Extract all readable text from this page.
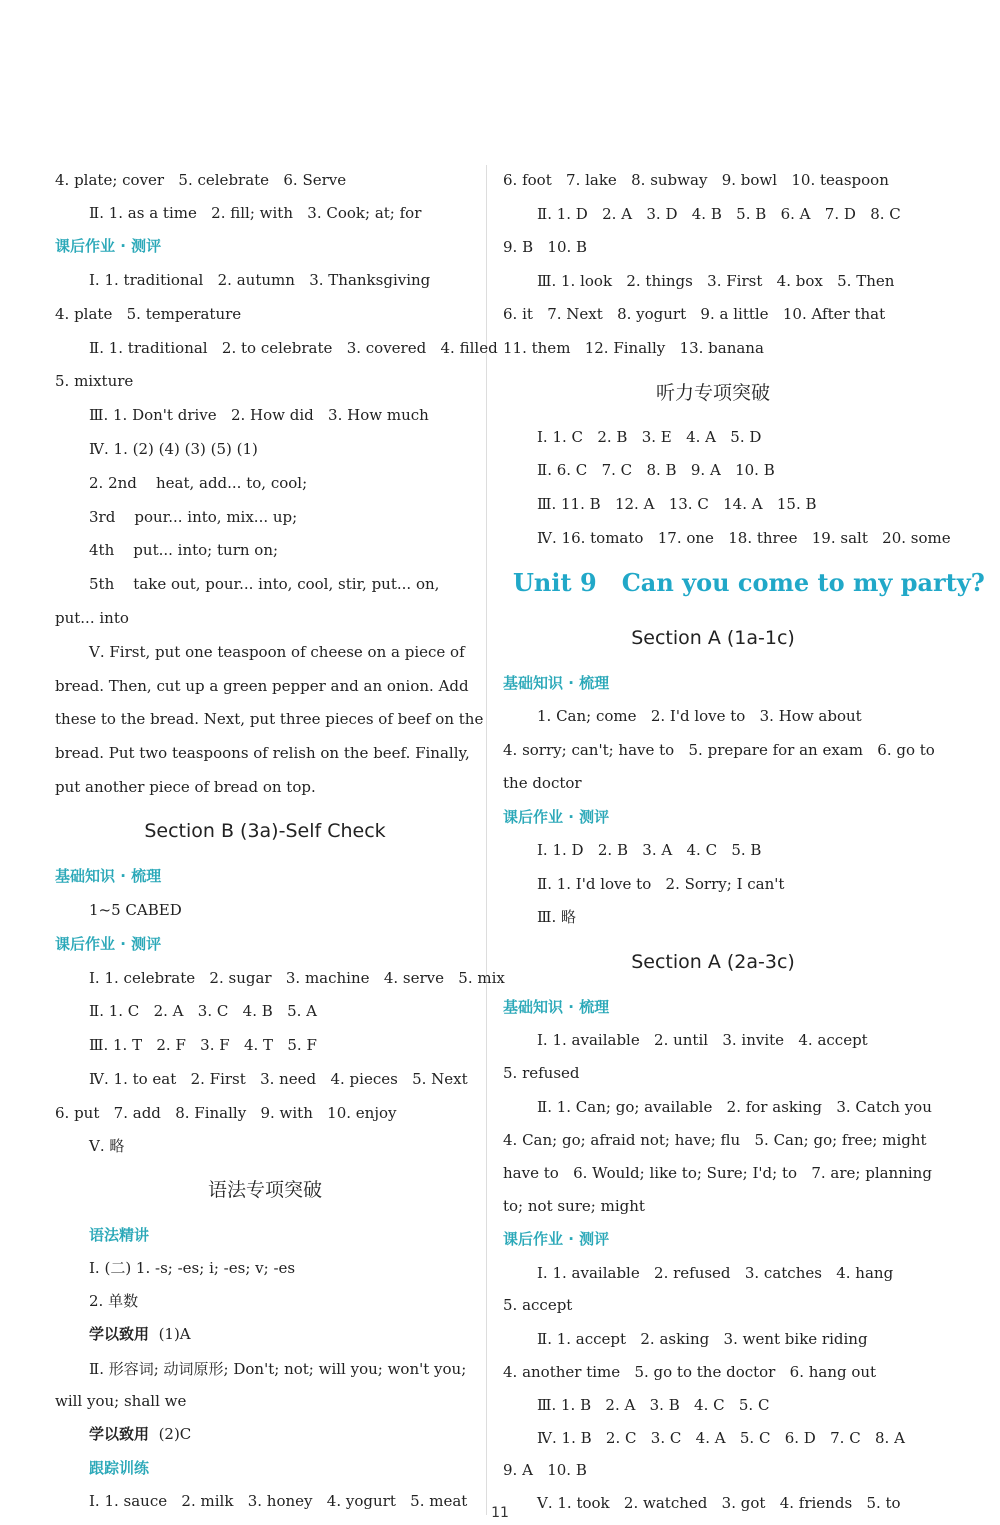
4. plate; cover   5. celebrate   6. Serve
Ⅱ. 1. as a time   2. fill; with   3. Cook; at; for
课后作业 · 测评
Ⅰ. 1. traditional   2. autumn   3. Thanksgiving
4. plate   5. temperature
Ⅱ. 1. traditional   2. to celebrate   3. covered   4. filled
5. mixture
Ⅲ. 1. Don't drive   2. How did   3. How much
Ⅳ. 1. (2) (4) (3) (5) (1)
2. 2nd    heat, add... to, cool;
3rd    pour... into, mix... up;
4th    put... into; turn on;
5th    take out, pour... into, cool, stir, put... on,
put... into
Ⅴ. First, put one teaspoon of cheese on a piece of
bread. Then, cut up a green pepper and an onion. Add
these to the bread. Next, put three pieces of beef on the
bread. Put two teaspoons of relish on the beef. Finally,
put another piece of bread on top.
Section B (3a)-Self Check
基础知识 · 梳理
1~5 CABED
课后作业 · 测评
Ⅰ. 1. celebrate   2. sugar   3. machine   4. serve   5. mix
Ⅱ. 1. C   2. A   3. C   4. B   5. A
Ⅲ. 1. T   2. F   3. F   4. T   5. F
Ⅳ. 1. to eat   2. First   3. need   4. pieces   5. Next
6. put   7. add   8. Finally   9. with   10. enjoy
Ⅴ. 略
语法专项突破
语法精讲
Ⅰ. (二) 1. -s; -es; i; -es; v; -es
2. 单数
学以致用 (1)A
Ⅱ. 形容词; 动词原形; Don't; not; will you; won't you;
will you; shall we
学以致用 (2)C
跟踪训练
Ⅰ. 1. sauce   2. milk   3. honey   4. yogurt   5. meat
6. foot   7. lake   8. subway   9. bowl   10. teaspoon
Ⅱ. 1. D   2. A   3. D   4. B   5. B   6. A   7. D   8. C
9. B   10. B
Ⅲ. 1. look   2. things   3. First   4. box   5. Then
6. it   7. Next   8. yogurt   9. a little   10. After that
11. them   12. Finally   13. banana
听力专项突破
Ⅰ. 1. C   2. B   3. E   4. A   5. D
Ⅱ. 6. C   7. C   8. B   9. A   10. B
Ⅲ. 11. B   12. A   13. C   14. A   15. B
Ⅳ. 16. tomato   17. one   18. three   19. salt   20. some
Unit 9   Can you come to my party?
Section A (1a-1c)
基础知识 · 梳理
1. Can; come   2. I'd love to   3. How about
4. sorry; can't; have to   5. prepare for an exam   6. go to
the doctor
课后作业 · 测评
Ⅰ. 1. D   2. B   3. A   4. C   5. B
Ⅱ. 1. I'd love to   2. Sorry; I can't
Ⅲ. 略
Section A (2a-3c)
基础知识 · 梳理
Ⅰ. 1. available   2. until   3. invite   4. accept
5. refused
Ⅱ. 1. Can; go; available   2. for asking   3. Catch you
4. Can; go; afraid not; have; flu   5. Can; go; free; might
have to   6. Would; like to; Sure; I'd; to   7. are; planning
to; not sure; might
课后作业 · 测评
Ⅰ. 1. available   2. refused   3. catches   4. hang
5. accept
Ⅱ. 1. accept   2. asking   3. went bike riding
4. another time   5. go to the doctor   6. hang out
Ⅲ. 1. B   2. A   3. B   4. C   5. C
Ⅳ. 1. B   2. C   3. C   4. A   5. C   6. D   7. C   8. A
9. A   10. B
Ⅴ. 1. took   2. watched   3. got   4. friends   5. to
11
